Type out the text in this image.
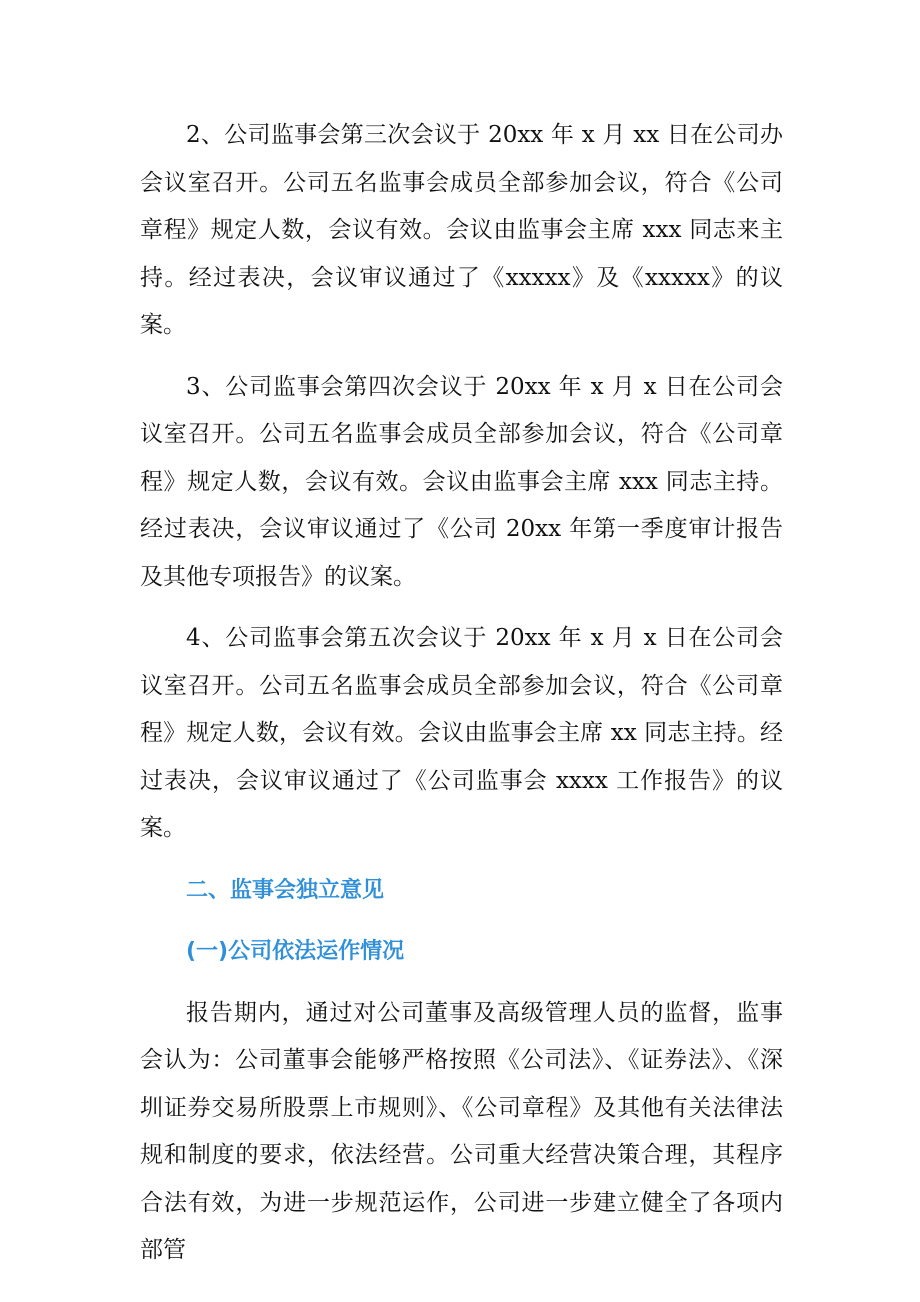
2、公司监事会第三次会议于 20xx 年 x 月 xx 日在公司办会议室召开。公司五名监事会成员全部参加会议，符合《公司章程》规定人数，会议有效。会议由监事会主席 xxx 同志来主持。经过表决，会议审议通过了《xxxxx》及《xxxxx》的议案。

3、公司监事会第四次会议于 20xx 年 x 月 x 日在公司会议室召开。公司五名监事会成员全部参加会议，符合《公司章程》规定人数，会议有效。会议由监事会主席 xxx 同志主持。经过表决，会议审议通过了《公司 20xx 年第一季度审计报告及其他专项报告》的议案。

4、公司监事会第五次会议于 20xx 年 x 月 x 日在公司会议室召开。公司五名监事会成员全部参加会议，符合《公司章程》规定人数，会议有效。会议由监事会主席 xx 同志主持。经过表决，会议审议通过了《公司监事会 xxxx 工作报告》的议案。

二、监事会独立意见
(一)公司依法运作情况

报告期内，通过对公司董事及高级管理人员的监督，监事会认为：公司董事会能够严格按照《公司法》、《证券法》、《深圳证券交易所股票上市规则》、《公司章程》及其他有关法律法规和制度的要求，依法经营。公司重大经营决策合理，其程序合法有效，为进一步规范运作，公司进一步建立健全了各项内部管
